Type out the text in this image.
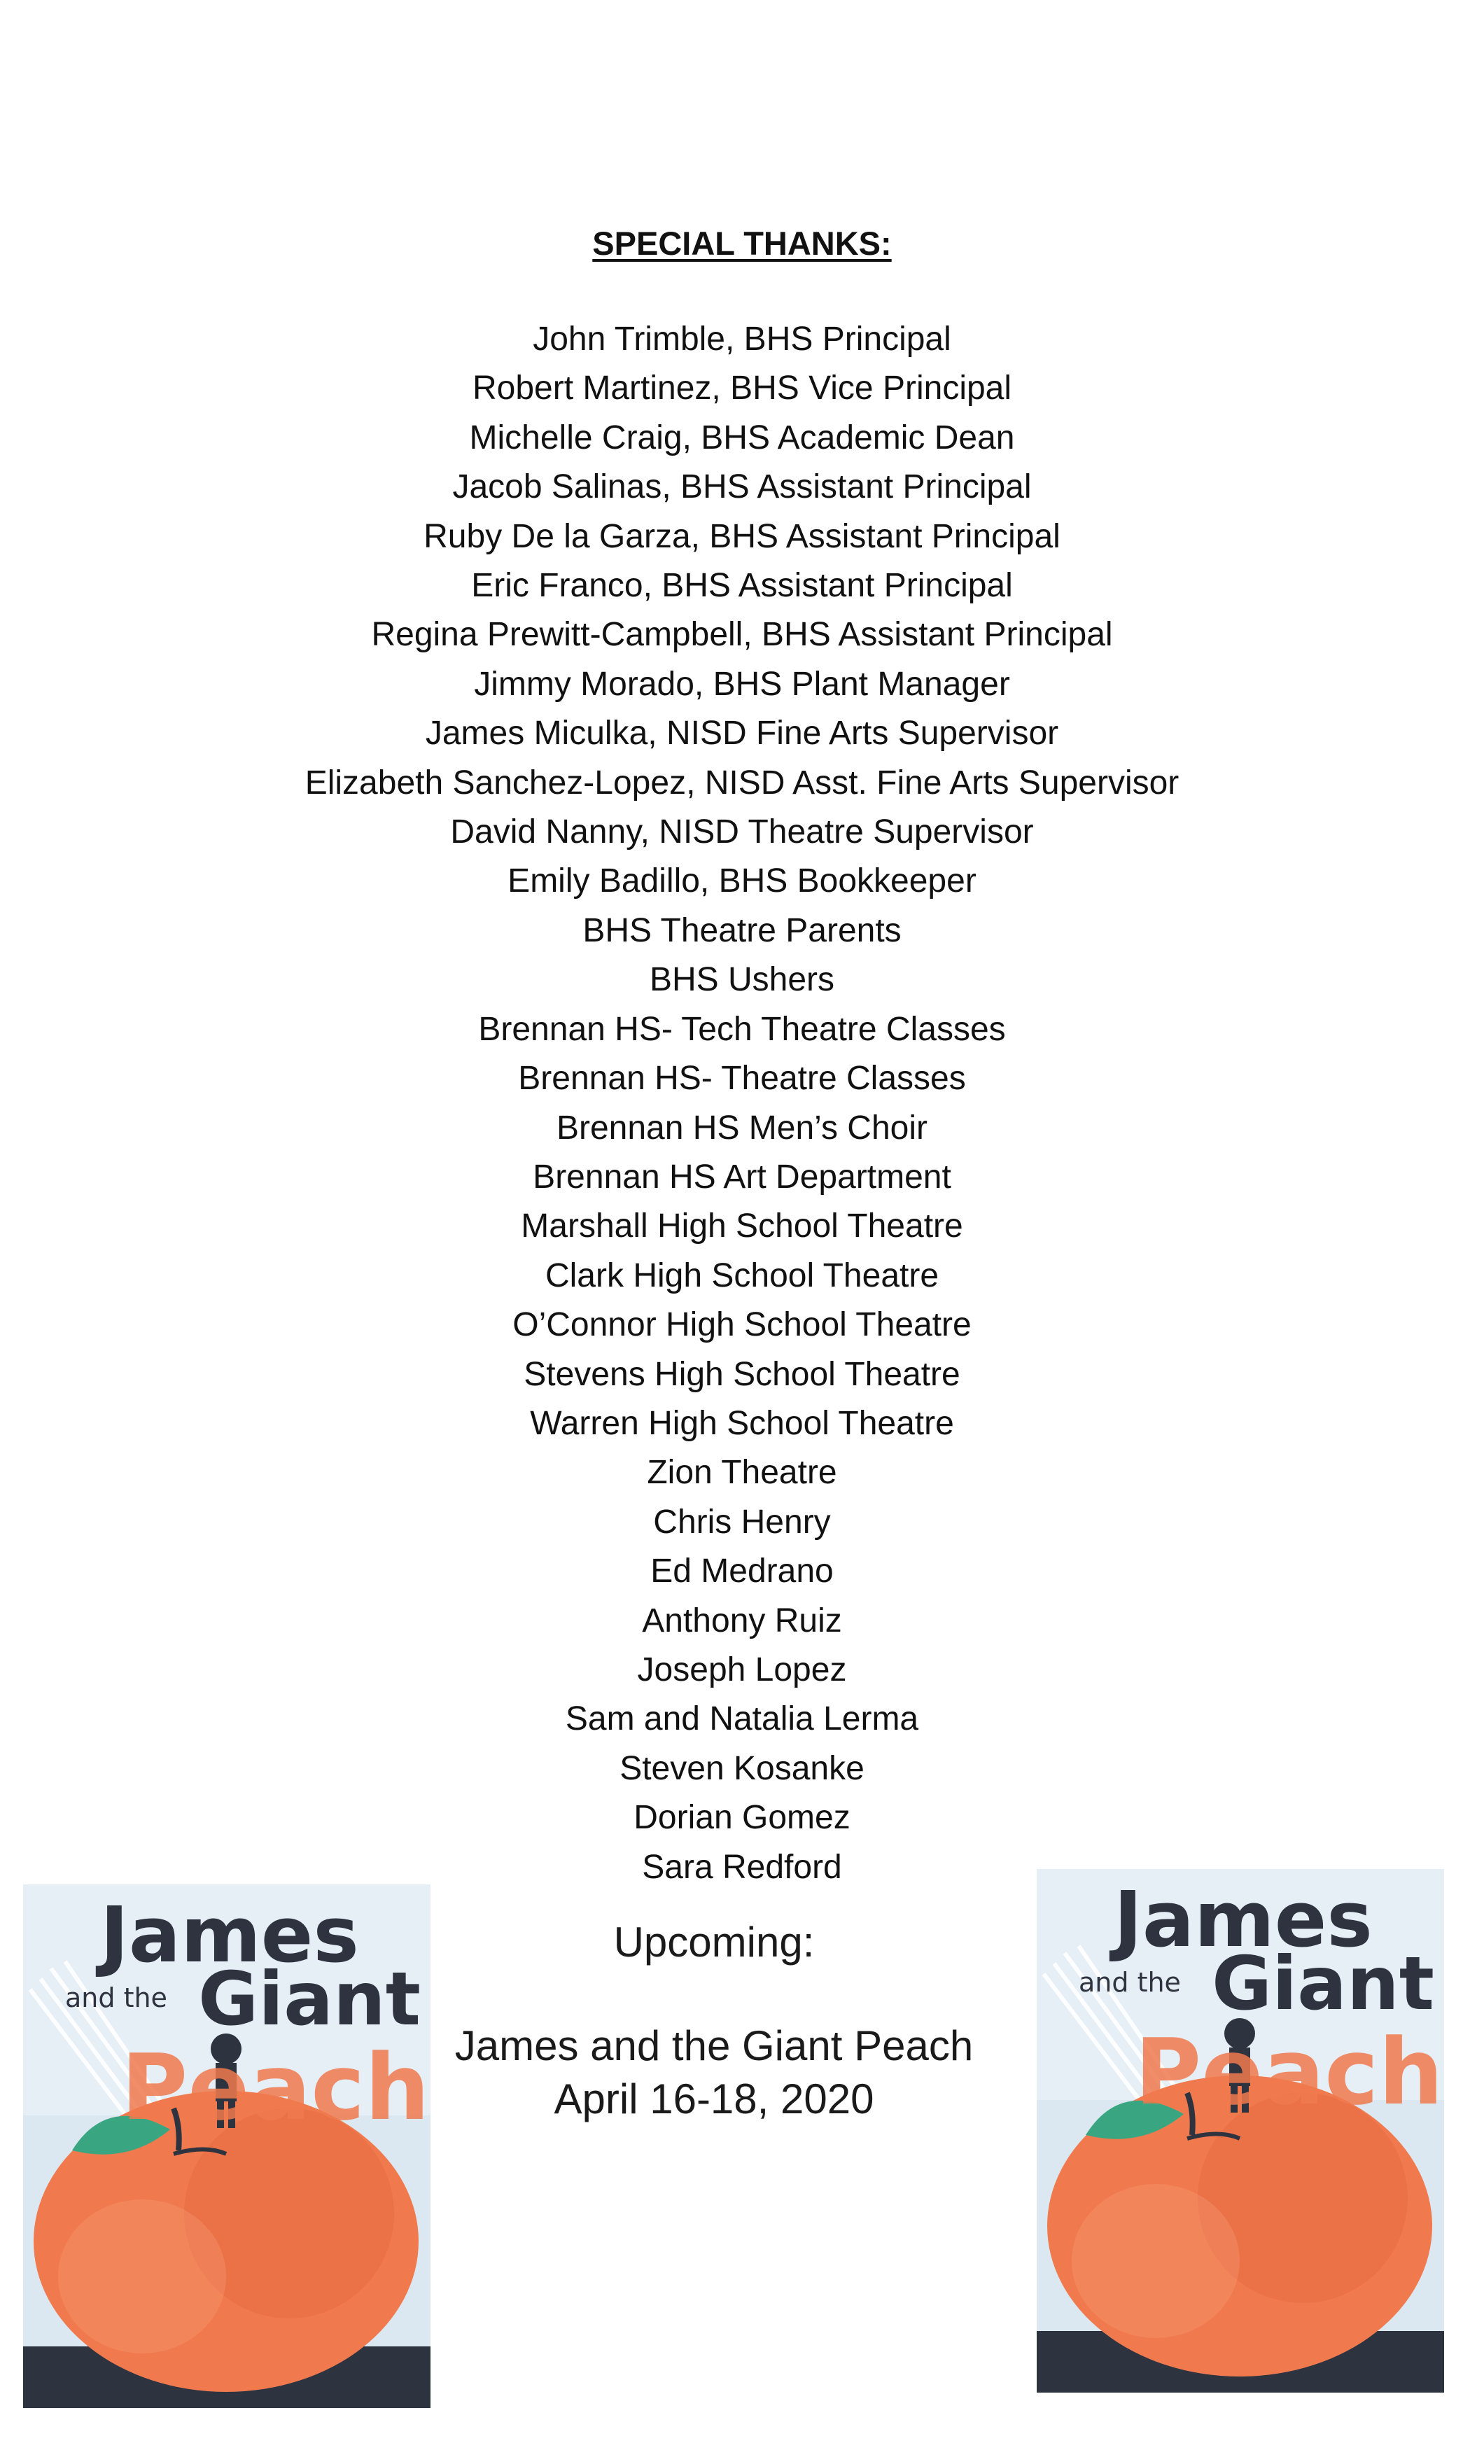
SPECIAL THANKS:
John Trimble, BHS Principal
Robert Martinez, BHS Vice Principal
Michelle Craig, BHS Academic Dean
Jacob Salinas, BHS Assistant Principal
Ruby De la Garza, BHS Assistant Principal
Eric Franco, BHS Assistant Principal
Regina Prewitt-Campbell, BHS Assistant Principal
Jimmy Morado, BHS Plant Manager
James Miculka, NISD Fine Arts Supervisor
Elizabeth Sanchez-Lopez, NISD Asst. Fine Arts Supervisor
David Nanny, NISD Theatre Supervisor
Emily Badillo, BHS Bookkeeper
BHS Theatre Parents
BHS Ushers
Brennan HS- Tech Theatre Classes
Brennan HS- Theatre Classes
Brennan HS Men’s Choir
Brennan HS Art Department
Marshall High School Theatre
Clark High School Theatre
O’Connor High School Theatre
Stevens High School Theatre
Warren High School Theatre
Zion Theatre
Chris Henry
Ed Medrano
Anthony Ruiz
Joseph Lopez
Sam and Natalia Lerma
Steven Kosanke
Dorian Gomez
Sara Redford
James
and the Giant
Peach
Upcoming:
James and the Giant Peach
April 16-18, 2020
James
and the Giant
Peach
